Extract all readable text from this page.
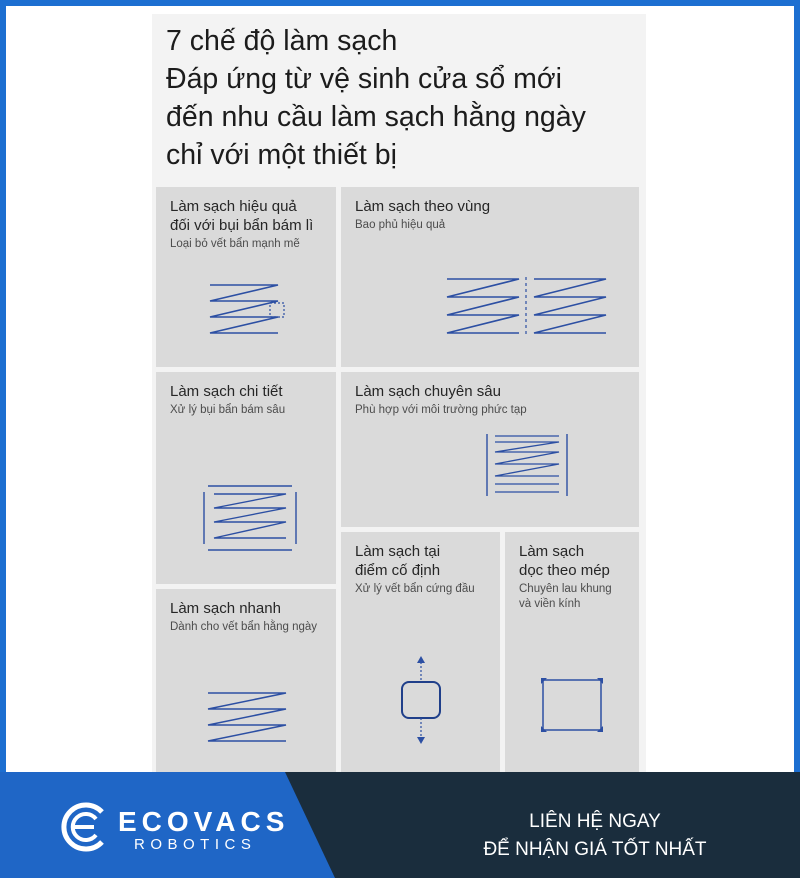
7 chế độ làm sạch
Đáp ứng từ vệ sinh cửa sổ mới
đến nhu cầu làm sạch hằng ngày
chỉ với một thiết bị
Làm sạch hiệu quả
đối với bụi bẩn bám lì
Loại bỏ vết bẩn mạnh mẽ
Làm sạch theo vùng
Bao phủ hiệu quả
Làm sạch chi tiết
Xử lý bụi bẩn bám sâu
Làm sạch chuyên sâu
Phù hợp với môi trường phức tạp
Làm sạch nhanh
Dành cho vết bẩn hằng ngày
Làm sạch tại
điểm cố định
Xử lý vết bẩn cứng đầu
Làm sạch
dọc theo mép
Chuyên lau khung
và viền kính
ECOVACS
ROBOTICS
LIÊN HỆ NGAY
ĐỂ NHẬN GIÁ TỐT NHẤT
